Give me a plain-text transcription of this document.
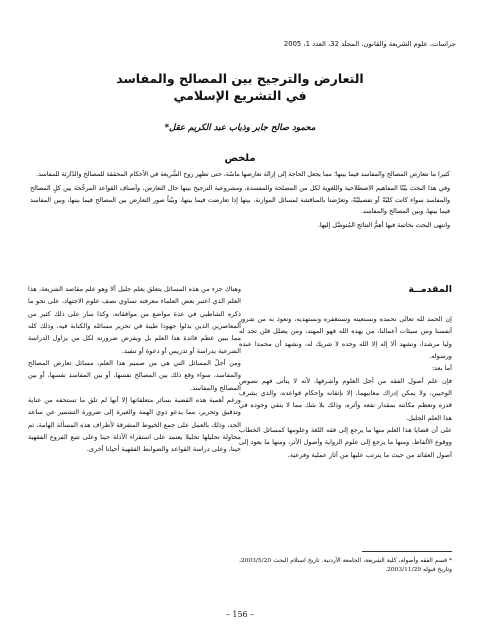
جراسات، علوم الشريعة والقانون، المجلّد 32، العدد 1، 2005
التعارض والترجيح بين المصالح والمفاسد
في التشريع الإسلامي
محمود صالح جابر وذياب عبد الكريم عقل*
ملخص

كثيرا ما تتعارض المصالح والمفاسد فيما بينها؛ مما يجعل الحاجة إلى إزالة تعارضها ماسّة، حتى تظهر روح الشَّريعة في الأحكام المحققة للمصالح والدّارئة للمفاسد.

وفي هذا البحث بيّنّا المفاهيم الاصطلاحية واللغوية لكل من المصلحة والمفسدة، ومشروعية الترجيح بينها حال التعارض، وأصناف القواعد المرجِّحة بين كلٍ المصالح والمفاسد سواء كانت كليّةً أو تفصيليّةً، وتعرّضنا بالمناقشة لمسائل الموازنة، بينها إذا تعارضت فيما بينها، وبيّناً صور التعارض بين المصالح فيما بينها، وبين المفاسد فيما بينها، وبين المصالح والمفاسد.

وانتهى البحث بخاتمة فيها أهمُّ النتائج المُتوصَّل إليها.

المقدمــة

إن الحمد لله تعالى نحمده ونستعينه ونستغفره ونستهديه، ونعوذ به من شرور أنفسنا ومن سيئات أعمالنا، من يهده الله فهو المهتد، ومن يضلل فلن تجد له وليا مرشدا، ونشهد ألا إله إلا الله وحده لا شريك له، ونشهد أن محمدا عبده ورسوله.

أما بعد:

فإن علم أصول الفقه من أجل العلوم وأشرفها، لأنه لا يتأتى فهم نصوص الوحيين، ولا يمكن إدراك معانيهما، إلا بإتقانه وإحكام قواعده، والذي يشرف قدره وتعظم مكانته بمقدار نفعه وأثره، وذلك بلا شك مما لا ينفي وجوده في هذا العلم الجليل.

على أن قضايا هذا العلم منها ما يرجع إلى فقه اللغة وعلومها كمسائل الخطاب ووقوع الألفاظ، ومنها ما يرجع إلى علوم الرواية وأصول الأثر، ومنها ما يعود إلى أصول العقائد من حيث ما يترتب عليها من آثار عملية وفرعية.

وهناك جزء من هذه المسائل يتعلق بعلم جليل ألا وهو علم مقاصد الشريعة، هذا العلم الذي اعتبر بعض العلماء معرفته تساوي نصف علوم الاجتهاد، على نحو ما ذكره الشاطبي في عدة مواضع من موافقاته، وكذا سار على ذلك كثير من المعاصرين الذين بذلوا جهودا طيبة في تحرير مسائله والكتابة فيه، وذلك كله مما يبين عظم فائدة هذا العلم بل ويفرض ضرورته لكل من يزاول الدراسة الشرعية بدراسة أو تدريس أو دعوة أو تنفيذ.

ومن أجلّ المسائل التي هي من صميم هذا العلم، مسائل تعارض المصالح والمفاسد، سواء وقع ذلك بين المصالح نفسها، أو بين المفاسد نفسها، أو بين المصالح والمفاسد.

ورغم أهمية هذه القضية بسائر متعلقاتها إلا أنها لم تلق ما تستحقه من عناية وتدقيق وتحرير، مما يدعو ذوي الهمة والغيرة إلى ضرورة التشمير عن ساعد الجد، وذلك بالعمل على جمع الخيوط المتفرقة لأطراف هذه المسألة الهامة، ثم محاولة تحليلها تحليلا يعتمد على استقراء الأدلة حينا وعلى تتبع الفروع الفقهية حينا، وعلى دراسة القواعد والضوابط الفقهية أحيانا أخرى.

* قسم الفقه وأصوله، كلية الشريعة، الجامعة الأردنية. تاريخ استلام البحث 2003/5/20، وتاريخ قبوله 2003/11/29.
– 156 –
